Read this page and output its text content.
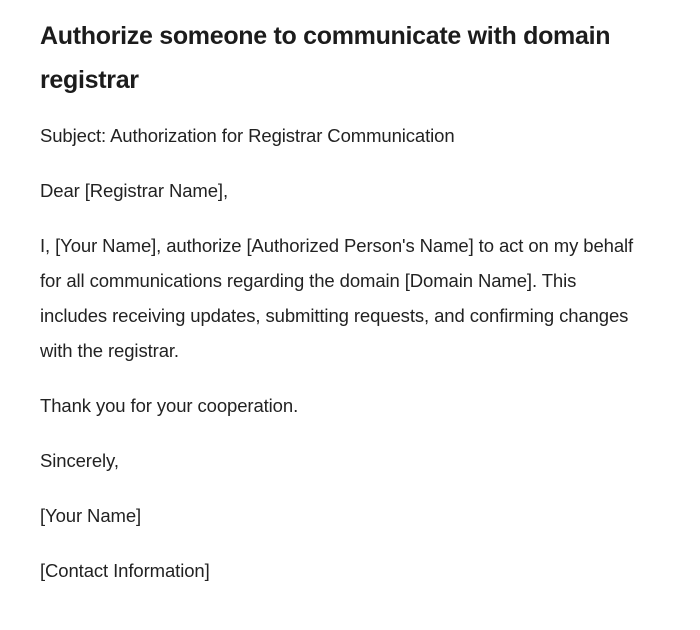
Authorize someone to communicate with domain registrar

Subject: Authorization for Registrar Communication

Dear [Registrar Name],

I, [Your Name], authorize [Authorized Person's Name] to act on my behalf for all communications regarding the domain [Domain Name]. This includes receiving updates, submitting requests, and confirming changes with the registrar.

Thank you for your cooperation.

Sincerely,

[Your Name]

[Contact Information]
